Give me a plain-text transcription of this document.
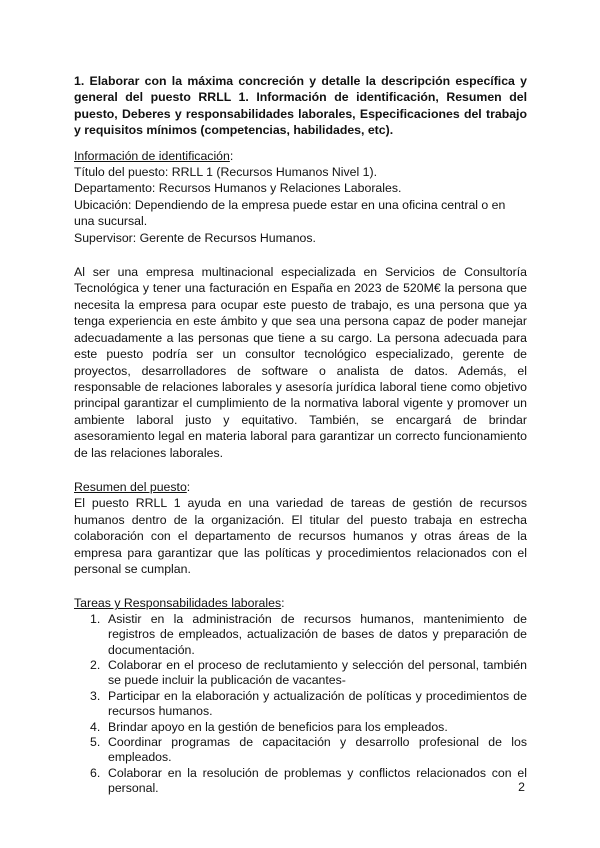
1. Elaborar con la máxima concreción y detalle la descripción específica y general del puesto RRLL 1. Información de identificación, Resumen del puesto, Deberes y responsabilidades laborales, Especificaciones del trabajo y requisitos mínimos (competencias, habilidades, etc).

Información de identificación:

Título del puesto: RRLL 1 (Recursos Humanos Nivel 1).

Departamento: Recursos Humanos y Relaciones Laborales.

Ubicación: Dependiendo de la empresa puede estar en una oficina central o en una sucursal.

Supervisor: Gerente de Recursos Humanos.

Al ser una empresa multinacional especializada en Servicios de Consultoría Tecnológica y tener una facturación en España en 2023 de 520M€ la persona que necesita la empresa para ocupar este puesto de trabajo, es una persona que ya tenga experiencia en este ámbito y que sea una persona capaz de poder manejar adecuadamente a las personas que tiene a su cargo. La persona adecuada para este puesto podría ser un consultor tecnológico especializado, gerente de proyectos, desarrolladores de software o analista de datos. Además, el responsable de relaciones laborales y asesoría jurídica laboral tiene como objetivo principal garantizar el cumplimiento de la normativa laboral vigente y promover un ambiente laboral justo y equitativo. También, se encargará de brindar asesoramiento legal en materia laboral para garantizar un correcto funcionamiento de las relaciones laborales.

Resumen del puesto:

El puesto RRLL 1 ayuda en una variedad de tareas de gestión de recursos humanos dentro de la organización. El titular del puesto trabaja en estrecha colaboración con el departamento de recursos humanos y otras áreas de la empresa para garantizar que las políticas y procedimientos relacionados con el personal se cumplan.

Tareas y Responsabilidades laborales:

1. Asistir en la administración de recursos humanos, mantenimiento de registros de empleados, actualización de bases de datos y preparación de documentación.
2. Colaborar en el proceso de reclutamiento y selección del personal, también se puede incluir la publicación de vacantes-
3. Participar en la elaboración y actualización de políticas y procedimientos de recursos humanos.
4. Brindar apoyo en la gestión de beneficios para los empleados.
5. Coordinar programas de capacitación y desarrollo profesional de los empleados.
6. Colaborar en la resolución de problemas y conflictos relacionados con el personal.	2
